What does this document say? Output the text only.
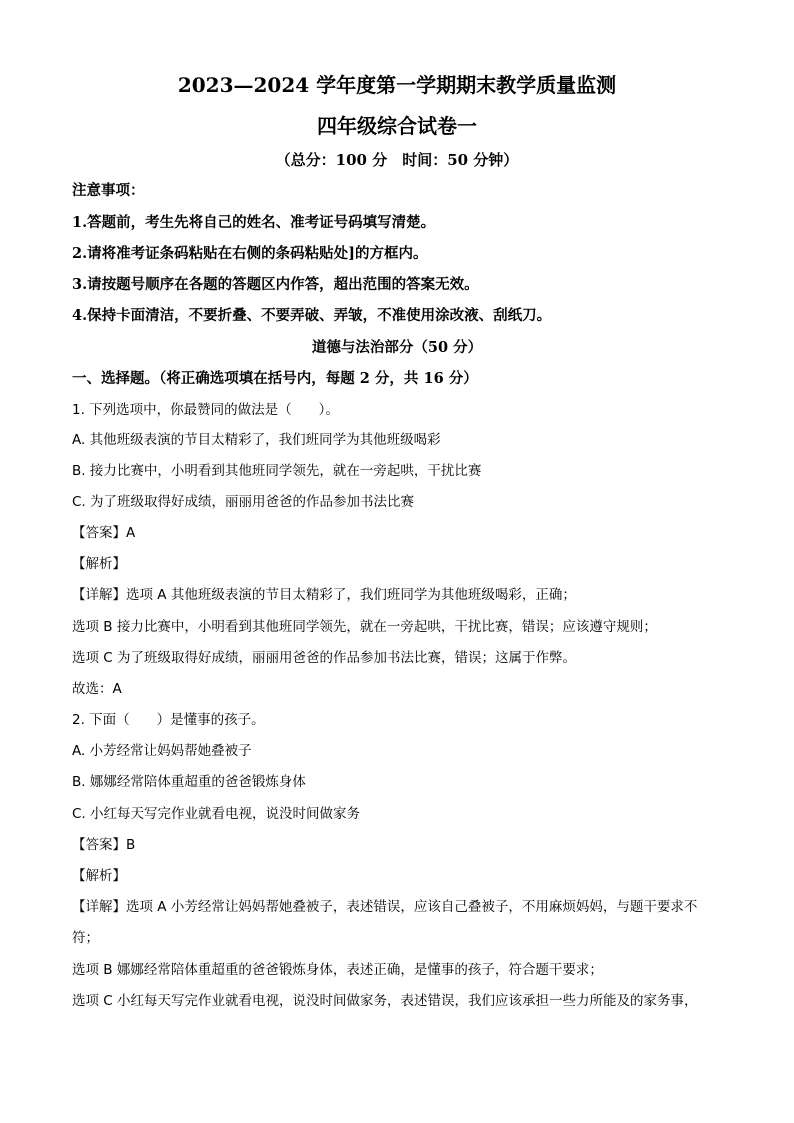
2023—2024 学年度第一学期期末教学质量监测
四年级综合试卷一
（总分：100 分　时间：50 分钟）
注意事项：
1.答题前，考生先将自己的姓名、准考证号码填写清楚。
2.请将准考证条码粘贴在右侧的条码粘贴处]的方框内。
3.请按题号顺序在各题的答题区内作答，超出范围的答案无效。
4.保持卡面清洁，不要折叠、不要弄破、弄皱，不准使用涂改液、刮纸刀。
道德与法治部分（50 分）
一、选择题。（将正确选项填在括号内，每题 2 分，共 16 分）
1. 下列选项中，你最赞同的做法是（　　）。
A. 其他班级表演的节目太精彩了，我们班同学为其他班级喝彩
B. 接力比赛中，小明看到其他班同学领先，就在一旁起哄，干扰比赛
C. 为了班级取得好成绩，丽丽用爸爸的作品参加书法比赛
【答案】A
【解析】
【详解】选项 A 其他班级表演的节目太精彩了，我们班同学为其他班级喝彩，正确；
选项 B 接力比赛中，小明看到其他班同学领先，就在一旁起哄，干扰比赛，错误；应该遵守规则；
选项 C 为了班级取得好成绩，丽丽用爸爸的作品参加书法比赛，错误；这属于作弊。
故选：A
2. 下面（　　）是懂事的孩子。
A. 小芳经常让妈妈帮她叠被子
B. 娜娜经常陪体重超重的爸爸锻炼身体
C. 小红每天写完作业就看电视，说没时间做家务
【答案】B
【解析】
【详解】选项 A 小芳经常让妈妈帮她叠被子，表述错误，应该自己叠被子，不用麻烦妈妈，与题干要求不
符；
选项 B 娜娜经常陪体重超重的爸爸锻炼身体，表述正确，是懂事的孩子，符合题干要求；
选项 C 小红每天写完作业就看电视，说没时间做家务，表述错误，我们应该承担一些力所能及的家务事，
